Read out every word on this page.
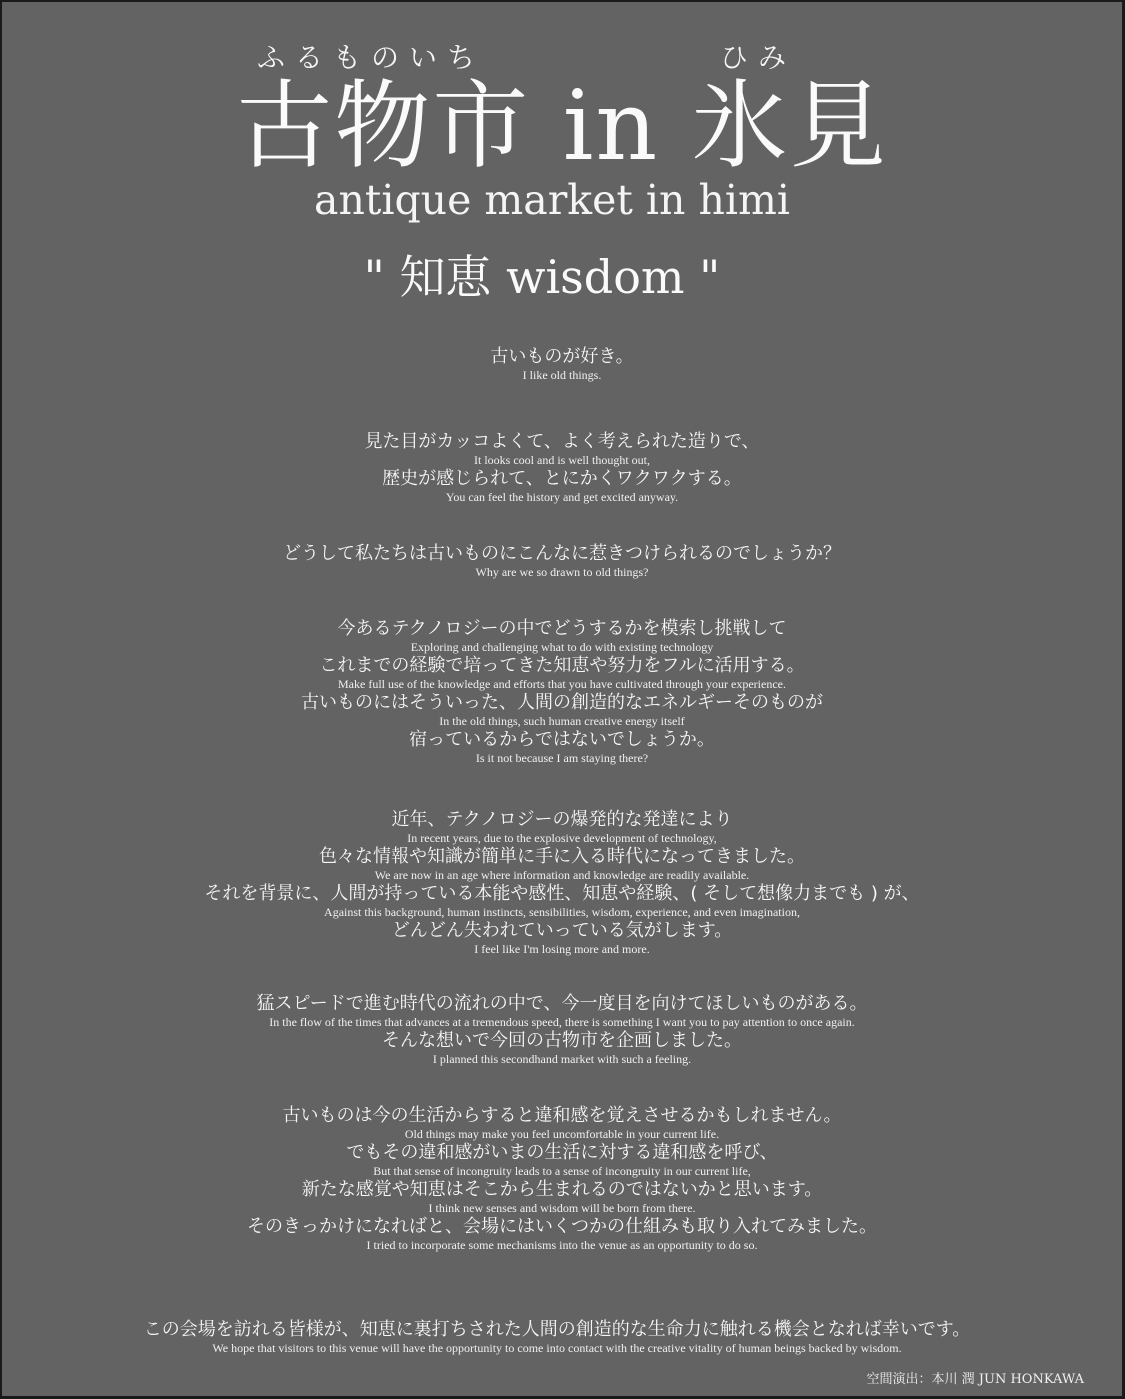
ふるものいち	ひみ
古物市 in 氷見
antique market in himi
" 知恵 wisdom "

古いものが好き。
I like old things.

見た目がカッコよくて、よく考えられた造りで、
It looks cool and is well thought out,

歴史が感じられて、とにかくワクワクする。
You can feel the history and get excited anyway.

どうして私たちは古いものにこんなに惹きつけられるのでしょうか？
Why are we so drawn to old things?

今あるテクノロジーの中でどうするかを模索し挑戦して
Exploring and challenging what to do with existing technology

これまでの経験で培ってきた知恵や努力をフルに活用する。
Make full use of the knowledge and efforts that you have cultivated through your experience.

古いものにはそういった、人間の創造的なエネルギーそのものが
In the old things, such human creative energy itself

宿っているからではないでしょうか。
Is it not because I am staying there?

近年、テクノロジーの爆発的な発達により
In recent years, due to the explosive development of technology,

色々な情報や知識が簡単に手に入る時代になってきました。
We are now in an age where information and knowledge are readily available.

それを背景に、人間が持っている本能や感性、知恵や経験、( そして想像力までも ) が、
Against this background, human instincts, sensibilities, wisdom, experience, and even imagination,

どんどん失われていっている気がします。
I feel like I'm losing more and more.

猛スピードで進む時代の流れの中で、今一度目を向けてほしいものがある。
In the flow of the times that advances at a tremendous speed, there is something I want you to pay attention to once again.

そんな想いで今回の古物市を企画しました。
I planned this secondhand market with such a feeling.

古いものは今の生活からすると違和感を覚えさせるかもしれません。
Old things may make you feel uncomfortable in your current life.

でもその違和感がいまの生活に対する違和感を呼び、
But that sense of incongruity leads to a sense of incongruity in our current life,

新たな感覚や知恵はそこから生まれるのではないかと思います。
I think new senses and wisdom will be born from there.

そのきっかけになればと、会場にはいくつかの仕組みも取り入れてみました。
I tried to incorporate some mechanisms into the venue as an opportunity to do so.

この会場を訪れる皆様が、知恵に裏打ちされた人間の創造的な生命力に触れる機会となれば幸いです。
We hope that visitors to this venue will have the opportunity to come into contact with the creative vitality of human beings backed by wisdom.
空間演出：本川 潤 JUN HONKAWA
